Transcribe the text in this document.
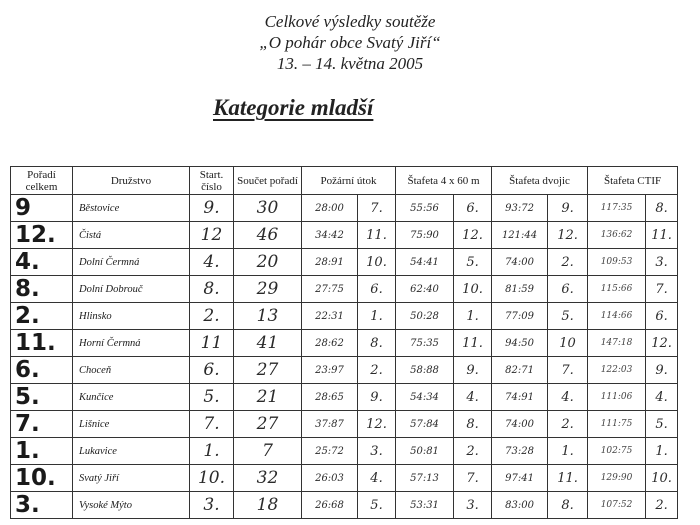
Celkové výsledky soutěže
„O pohár obce Svatý Jiří“
13. – 14. května 2005
Kategorie mladší
Pořadí celkem	Družstvo	Start. číslo	Součet pořadí	Požární útok		Štafeta 4 x 60 m		Štafeta dvojic		Štafeta CTIF	
9	Běstovice	9.	30	28:00	7.	55:56	6.	93:72	9.	117:35	8.
12.	Čistá	12	46	34:42	11.	75:90	12.	121:44	12.	136:62	11.
4.	Dolní Čermná	4.	20	28:91	10.	54:41	5.	74:00	2.	109:53	3.
8.	Dolní Dobrouč	8.	29	27:75	6.	62:40	10.	81:59	6.	115:66	7.
2.	Hlinsko	2.	13	22:31	1.	50:28	1.	77:09	5.	114:66	6.
11.	Horní Čermná	11	41	28:62	8.	75:35	11.	94:50	10	147:18	12.
6.	Choceň	6.	27	23:97	2.	58:88	9.	82:71	7.	122:03	9.
5.	Kunčice	5.	21	28:65	9.	54:34	4.	74:91	4.	111:06	4.
7.	Lišnice	7.	27	37:87	12.	57:84	8.	74:00	2.	111:75	5.
1.	Lukavice	1.	7	25:72	3.	50:81	2.	73:28	1.	102:75	1.
10.	Svatý Jiří	10.	32	26:03	4.	57:13	7.	97:41	11.	129:90	10.
3.	Vysoké Mýto	3.	18	26:68	5.	53:31	3.	83:00	8.	107:52	2.
